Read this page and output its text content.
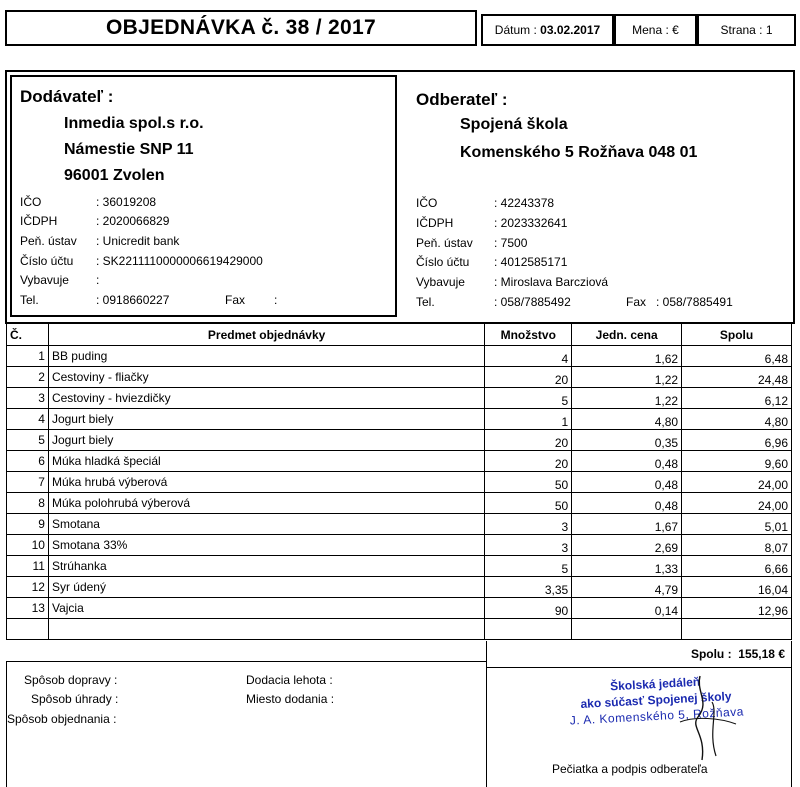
OBJEDNÁVKA č. 38 / 2017	Dátum :
03.02.2017	Mena : €	Strana : 1
Dodávateľ :
Inmedia spol.s r.o.
Námestie SNP 11
96001 Zvolen
IČO	: 36019208
IČDPH	: 2020066829
Peň. ústav : Unicredit bank
Číslo účtu : SK2211110000006619429000
Vybavuje :
Tel.	: 0918660227	Fax :
Odberateľ :
Spojená škola
Komenského 5 Rožňava 048 01
IČO	: 42243378
IČDPH	: 2023332641
Peň. ústav : 7500
Číslo účtu : 4012585171
Vybavuje : Miroslava Barcziová
Tel.	: 058/7885492	Fax : 058/7885491
Č.	Predmet objednávky	Množstvo	Jedn. cena	Spolu
1	BB puding	4	1,62	6,48
2	Cestoviny - fliačky	20	1,22	24,48
3	Cestoviny - hviezdičky	5	1,22	6,12
4	Jogurt biely	1	4,80	4,80
5	Jogurt biely	20	0,35	6,96
6	Múka hladká špeciál	20	0,48	9,60
7	Múka hrubá výberová	50	0,48	24,00
8	Múka polohrubá výberová	50	0,48	24,00
9	Smotana	3	1,67	5,01
10	Smotana 33%	3	2,69	8,07
11	Strúhanka	5	1,33	6,66
12	Syr údený	3,35	4,79	16,04
13	Vajcia	90	0,14	12,96

Spolu :
155,18 €
Spôsob dopravy :
Spôsob úhrady :
Spôsob objednania :
Dodacia lehota :
Miesto dodania :
Školská jedáleň
ako súčasť Spojenej školy
J. A. Komenského 5, Rožňava
Pečiatka a podpis odberateľa
